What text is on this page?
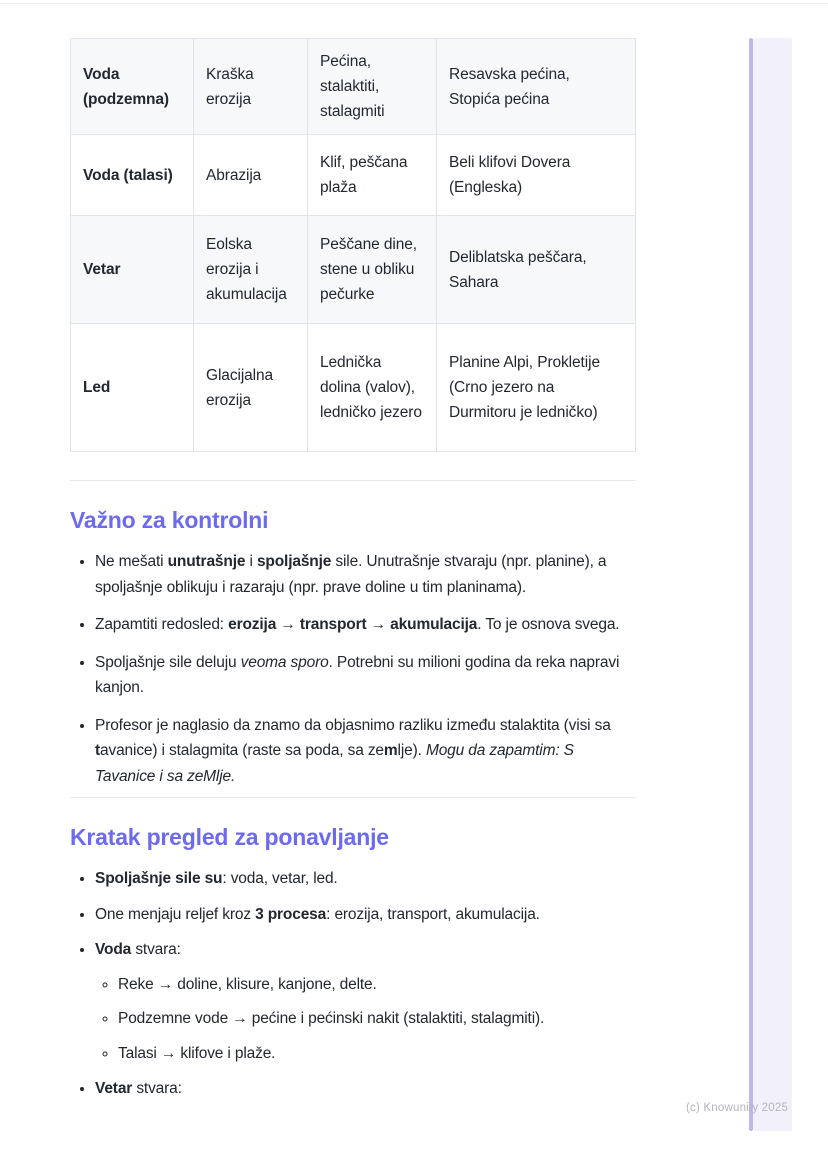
Voda (podzemna)	Kraška erozija	Pećina, stalaktiti, stalagmiti	Resavska pećina, Stopića pećina
Voda (talasi)	Abrazija	Klif, peščana plaža	Beli klifovi Dovera (Engleska)
Vetar	Eolska erozija i akumulacija	Peščane dine, stene u obliku pečurke	Deliblatska peščara, Sahara
Led	Glacijalna erozija	Lednička dolina (valov), ledničko jezero	Planine Alpi, Prokletije (Crno jezero na Durmitoru je ledničko)
Važno za kontrolni
• Ne mešati unutrašnje i spoljašnje sile. Unutrašnje stvaraju (npr. planine), a spoljašnje oblikuju i razaraju (npr. prave doline u tim planinama).
• Zapamtiti redosled: erozija → transport → akumulacija. To je osnova svega.
• Spoljašnje sile deluju veoma sporo. Potrebni su milioni godina da reka napravi kanjon.
• Profesor je naglasio da znamo da objasnimo razliku između stalaktita (visi sa tavanice) i stalagmita (raste sa poda, sa zemlje). Mogu da zapamtim: S Tavanice i sa zeMlje.
Kratak pregled za ponavljanje
• Spoljašnje sile su: voda, vetar, led.
• One menjaju reljef kroz 3 procesa: erozija, transport, akumulacija.
• Voda stvara:
◦ Reke → doline, klisure, kanjone, delte.
◦ Podzemne vode → pećine i pećinski nakit (stalaktiti, stalagmiti).
◦ Talasi → klifove i plaže.
• Vetar stvara:
(c) Knowunity 2025
